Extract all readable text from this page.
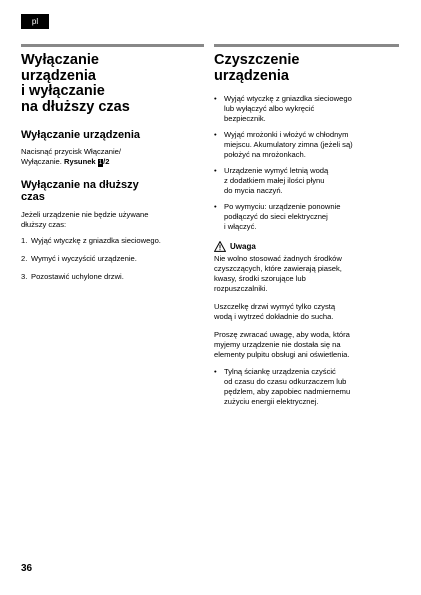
pl
Wyłączanie
urządzenia
i wyłączanie
na dłuższy czas
Wyłączanie urządzenia
Nacisnąć przycisk Włączanie/
Wyłączanie. Rysunek 1/2
Wyłączanie na dłuższy
czas
Jeżeli urządzenie nie będzie używane
dłuższy czas:
1. Wyjąć wtyczkę z gniazdka sieciowego.
2. Wymyć i wyczyścić urządzenie.
3. Pozostawić uchylone drzwi.
Czyszczenie
urządzenia
• Wyjąć wtyczkę z gniazdka sieciowego
lub wyłączyć albo wykręcić
bezpiecznik.
• Wyjąć mrożonki i włożyć w chłodnym
miejscu. Akumulatory zimna (jeżeli są)
położyć na mrożonkach.
• Urządzenie wymyć letnią wodą
z dodatkiem małej ilości płynu
do mycia naczyń.
• Po wymyciu: urządzenie ponownie
podłączyć do sieci elektrycznej
i włączyć.
Uwaga
Nie wolno stosować żadnych środków
czyszczących, które zawierają piasek,
kwasy, środki szorujące lub
rozpuszczalniki.
Uszczelkę drzwi wymyć tylko czystą
wodą i wytrzeć dokładnie do sucha.
Proszę zwracać uwagę, aby woda, która
myjemy urządzenie nie dostała się na
elementy pulpitu obsługi ani oświetlenia.
• Tylną ściankę urządzenia czyścić
od czasu do czasu odkurzaczem lub
pędzlem, aby zapobiec nadmiernemu
zużyciu energii elektrycznej.
36
